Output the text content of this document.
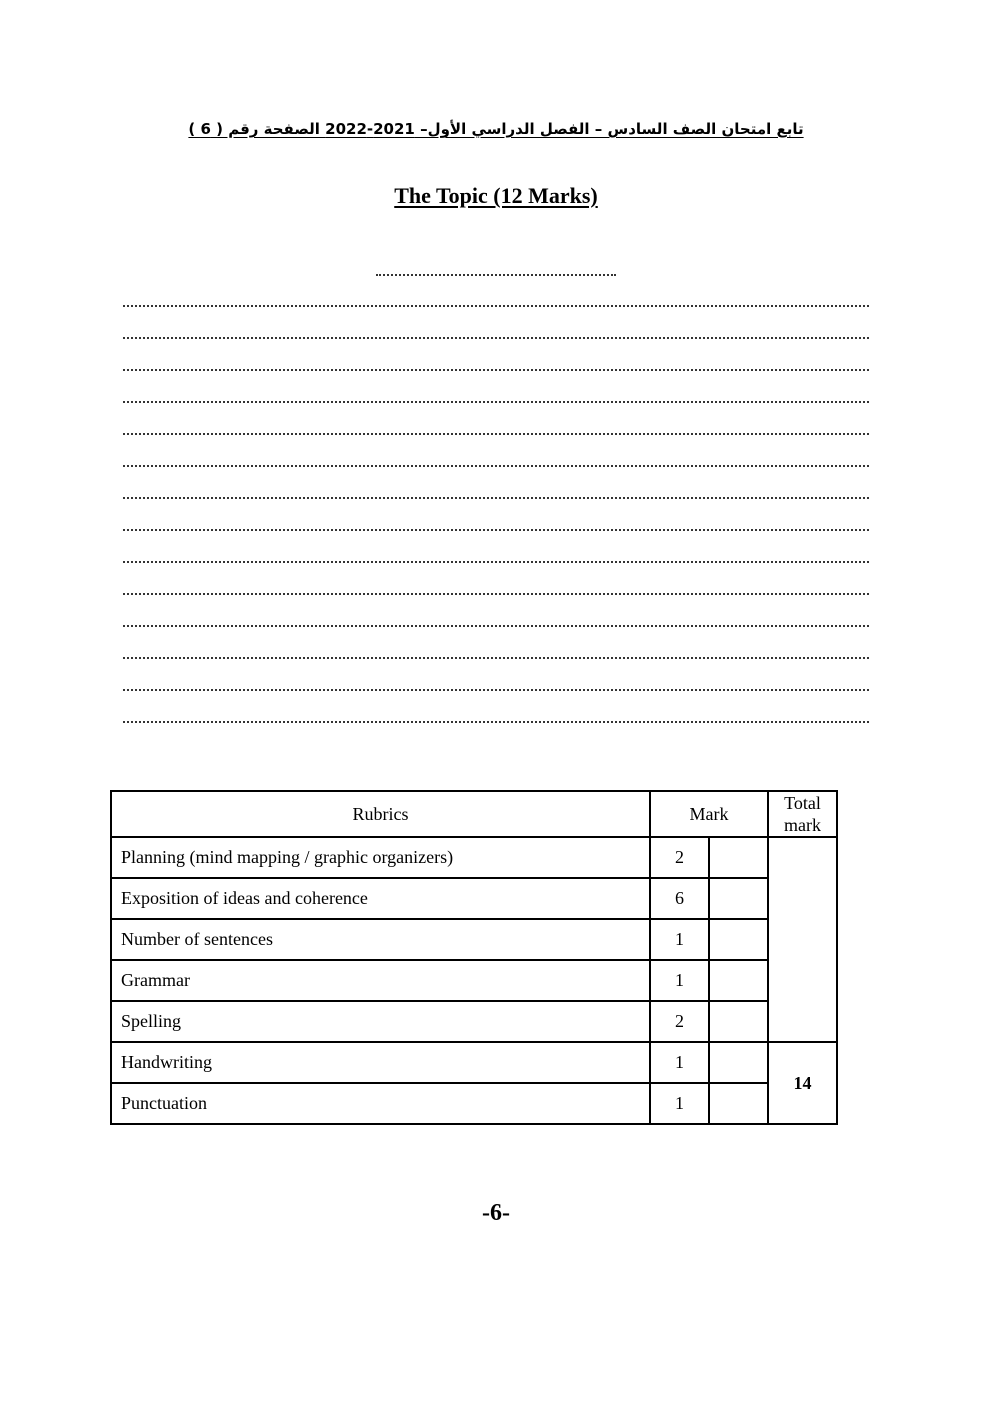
تابع امتحان الصف السادس – الفصل الدراسي الأول– 2021-2022 الصفحة رقم ( 6 )
The Topic (12 Marks)
Rubrics	Mark		Total mark
Planning (mind mapping / graphic organizers)	2		
Exposition of ideas and coherence	6		
Number of sentences	1		
Grammar	1		
Spelling	2		
Handwriting	1		14
Punctuation	1		
-6-
